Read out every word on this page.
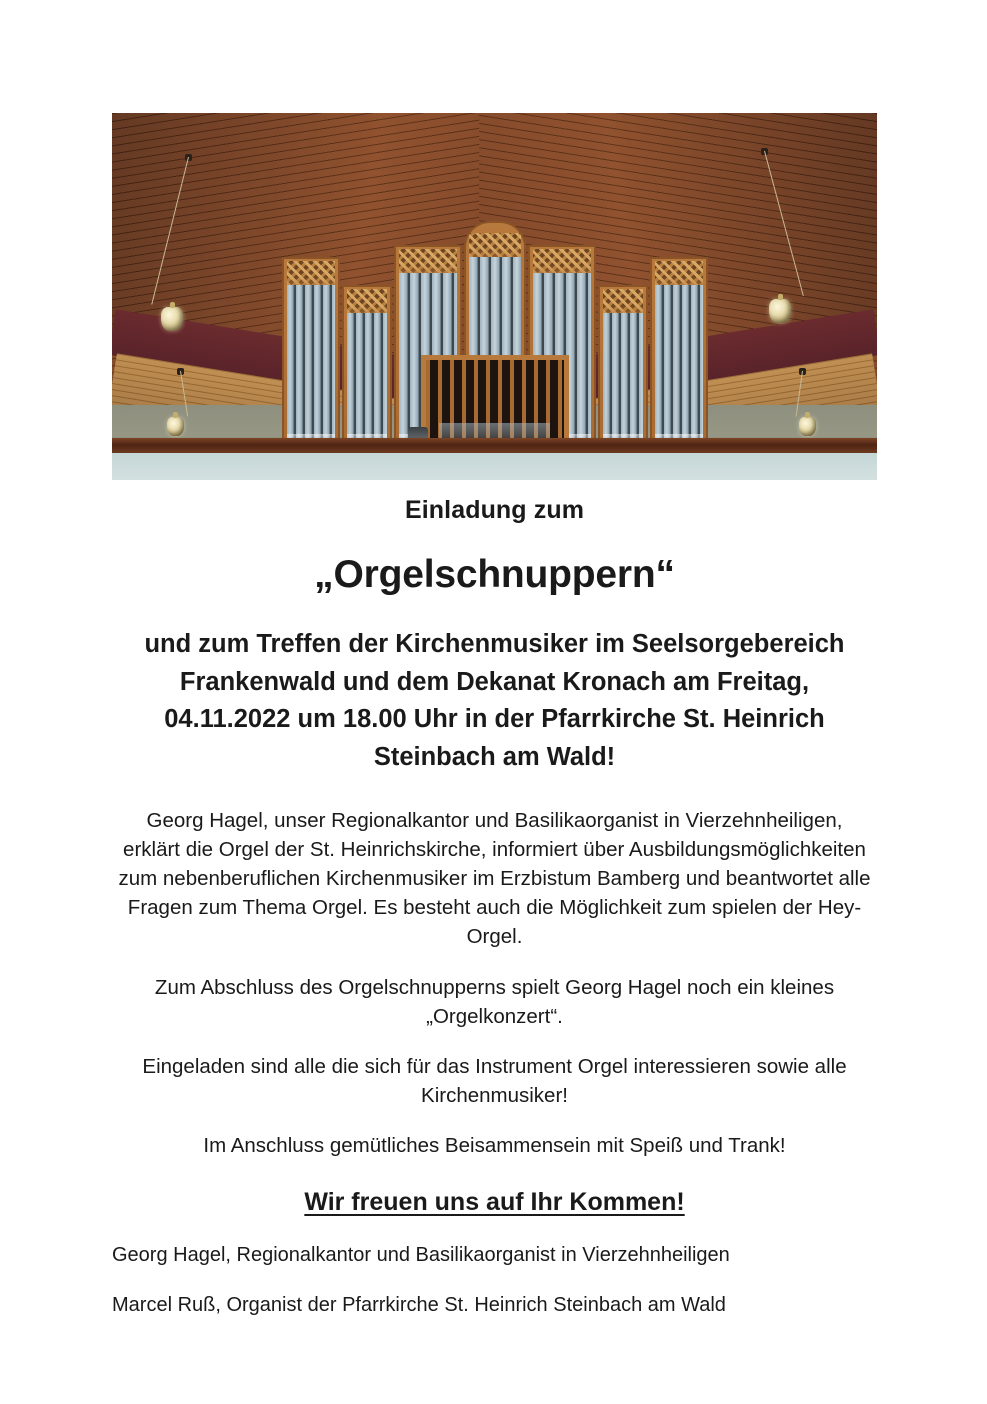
Einladung zum

„Orgelschnuppern“
und zum Treffen der Kirchenmusiker im Seelsorgebereich Frankenwald und dem Dekanat Kronach am Freitag, 04.11.2022 um 18.00 Uhr in der Pfarrkirche St. Heinrich Steinbach am Wald!

Georg Hagel, unser Regionalkantor und Basilikaorganist in Vierzehnheiligen, erklärt die Orgel der St. Heinrichskirche, informiert über Ausbildungsmöglichkeiten zum nebenberuflichen Kirchenmusiker im Erzbistum Bamberg und beantwortet alle Fragen zum Thema Orgel. Es besteht auch die Möglichkeit zum spielen der Hey-Orgel.

Zum Abschluss des Orgelschnupperns spielt Georg Hagel noch ein kleines „Orgelkonzert“.

Eingeladen sind alle die sich für das Instrument Orgel interessieren sowie alle Kirchenmusiker!

Im Anschluss gemütliches Beisammensein mit Speiß und Trank!

Wir freuen uns auf Ihr Kommen!

Georg Hagel, Regionalkantor und Basilikaorganist in Vierzehnheiligen

Marcel Ruß, Organist der Pfarrkirche St. Heinrich Steinbach am Wald
